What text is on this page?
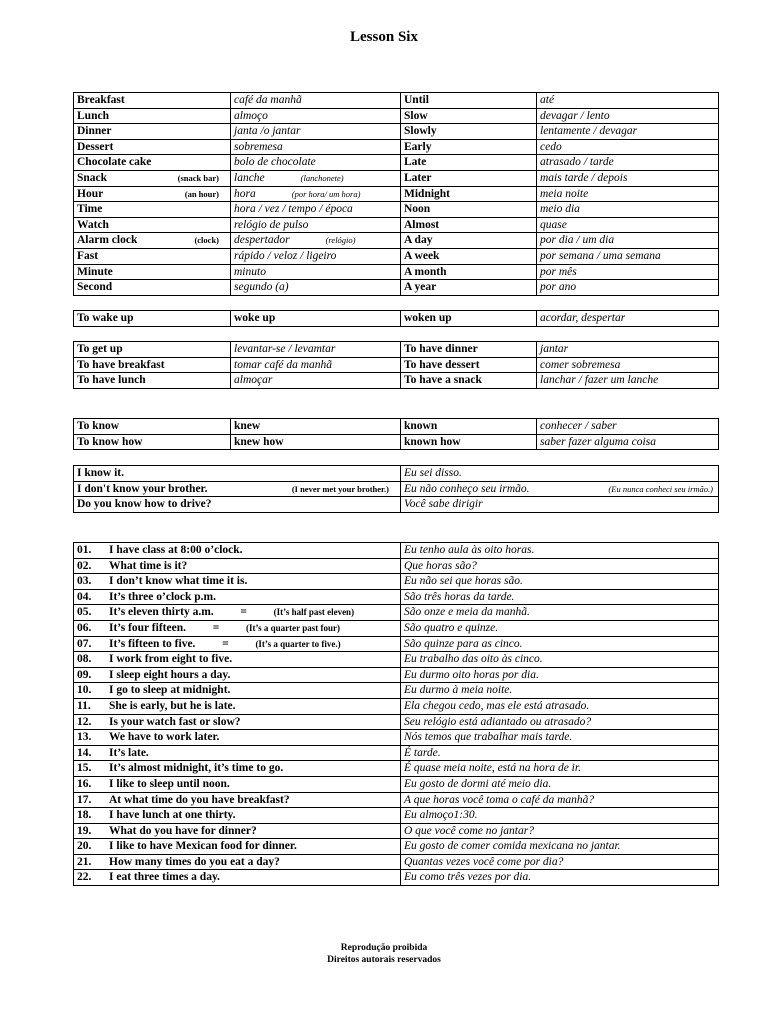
Lesson Six
Breakfast	café da manhã	Until	até
Lunch	almoço	Slow	devagar / lento
Dinner	janta /o jantar	Slowly	lentamente / devagar
Dessert	sobremesa	Early	cedo
Chocolate cake	bolo de chocolate	Late	atrasado / tarde
Snack (snack bar)	lanche (lanchonete)	Later	mais tarde / depois
Hour (an hour)	hora (por hora/ um hora)	Midnight	meia noite
Time	hora / vez / tempo / época	Noon	meio dia
Watch	relógio de pulso	Almost	quase
Alarm clock (clock)	despertador (relógio)	A day	por dia / um dia
Fast	rápido / veloz / ligeiro	A week	por semana / uma semana
Minute	minuto	A month	por mês
Second	segundo (a)	A year	por ano
To wake up	woke up	woken up	acordar, despertar
To get up	levantar-se / levamtar	To have dinner	jantar
To have breakfast	tomar café da manhã	To have dessert	comer sobremesa
To have lunch	almoçar	To have a snack	lanchar / fazer um lanche
To know	knew	known	conhecer / saber
To know how	knew how	known how	saber fazer alguma coisa
I know it.	Eu sei disso.
I don't know your brother. (I never met your brother.)	Eu não conheço seu irmão. (Eu nunca conheci seu irmão.)

Do you know how to drive?	Você sabe dirigir
01. I have class at 8:00 o’clock.	Eu tenho aula às oito horas.
02. What time is it?	Que horas são?
03. I don’t know what time it is.	Eu não sei que horas são.
04. It’s three o’clock p.m.	São três horas da tarde.
05. It’s eleven thirty a.m. = (It’s half past eleven)	São onze e meia da manhã.
06. It’s four fifteen. = (It’s a quarter past four)	São quatro e quinze.
07. It’s fifteen to five. = (It’s a quarter to five.)	São quinze para as cinco.
08. I work from eight to five.	Eu trabalho das oito às cinco.
09. I sleep eight hours a day.	Eu durmo oito horas por dia.
10. I go to sleep at midnight.	Eu durmo à meia noite.
11. She is early, but he is late.	Ela chegou cedo, mas ele está atrasado.
12. Is your watch fast or slow?	Seu relógio está adiantado ou atrasado?
13. We have to work later.	Nós temos que trabalhar mais tarde.
14. It’s late.	É tarde.
15. It’s almost midnight, it’s time to go.	É quase meia noite, está na hora de ir.
16. I like to sleep until noon.	Eu gosto de dormi até meio dia.
17. At what time do you have breakfast?	A que horas você toma o café da manhã?
18. I have lunch at one thirty.	Eu almoço1:30.
19. What do you have for dinner?	O que você come no jantar?
20. I like to have Mexican food for dinner.	Eu gosto de comer comida mexicana no jantar.
21. How many times do you eat a day?	Quantas vezes você come por dia?
22. I eat three times a day.	Eu como três vezes por dia.
Reprodução proibida
Direitos autorais reservados
